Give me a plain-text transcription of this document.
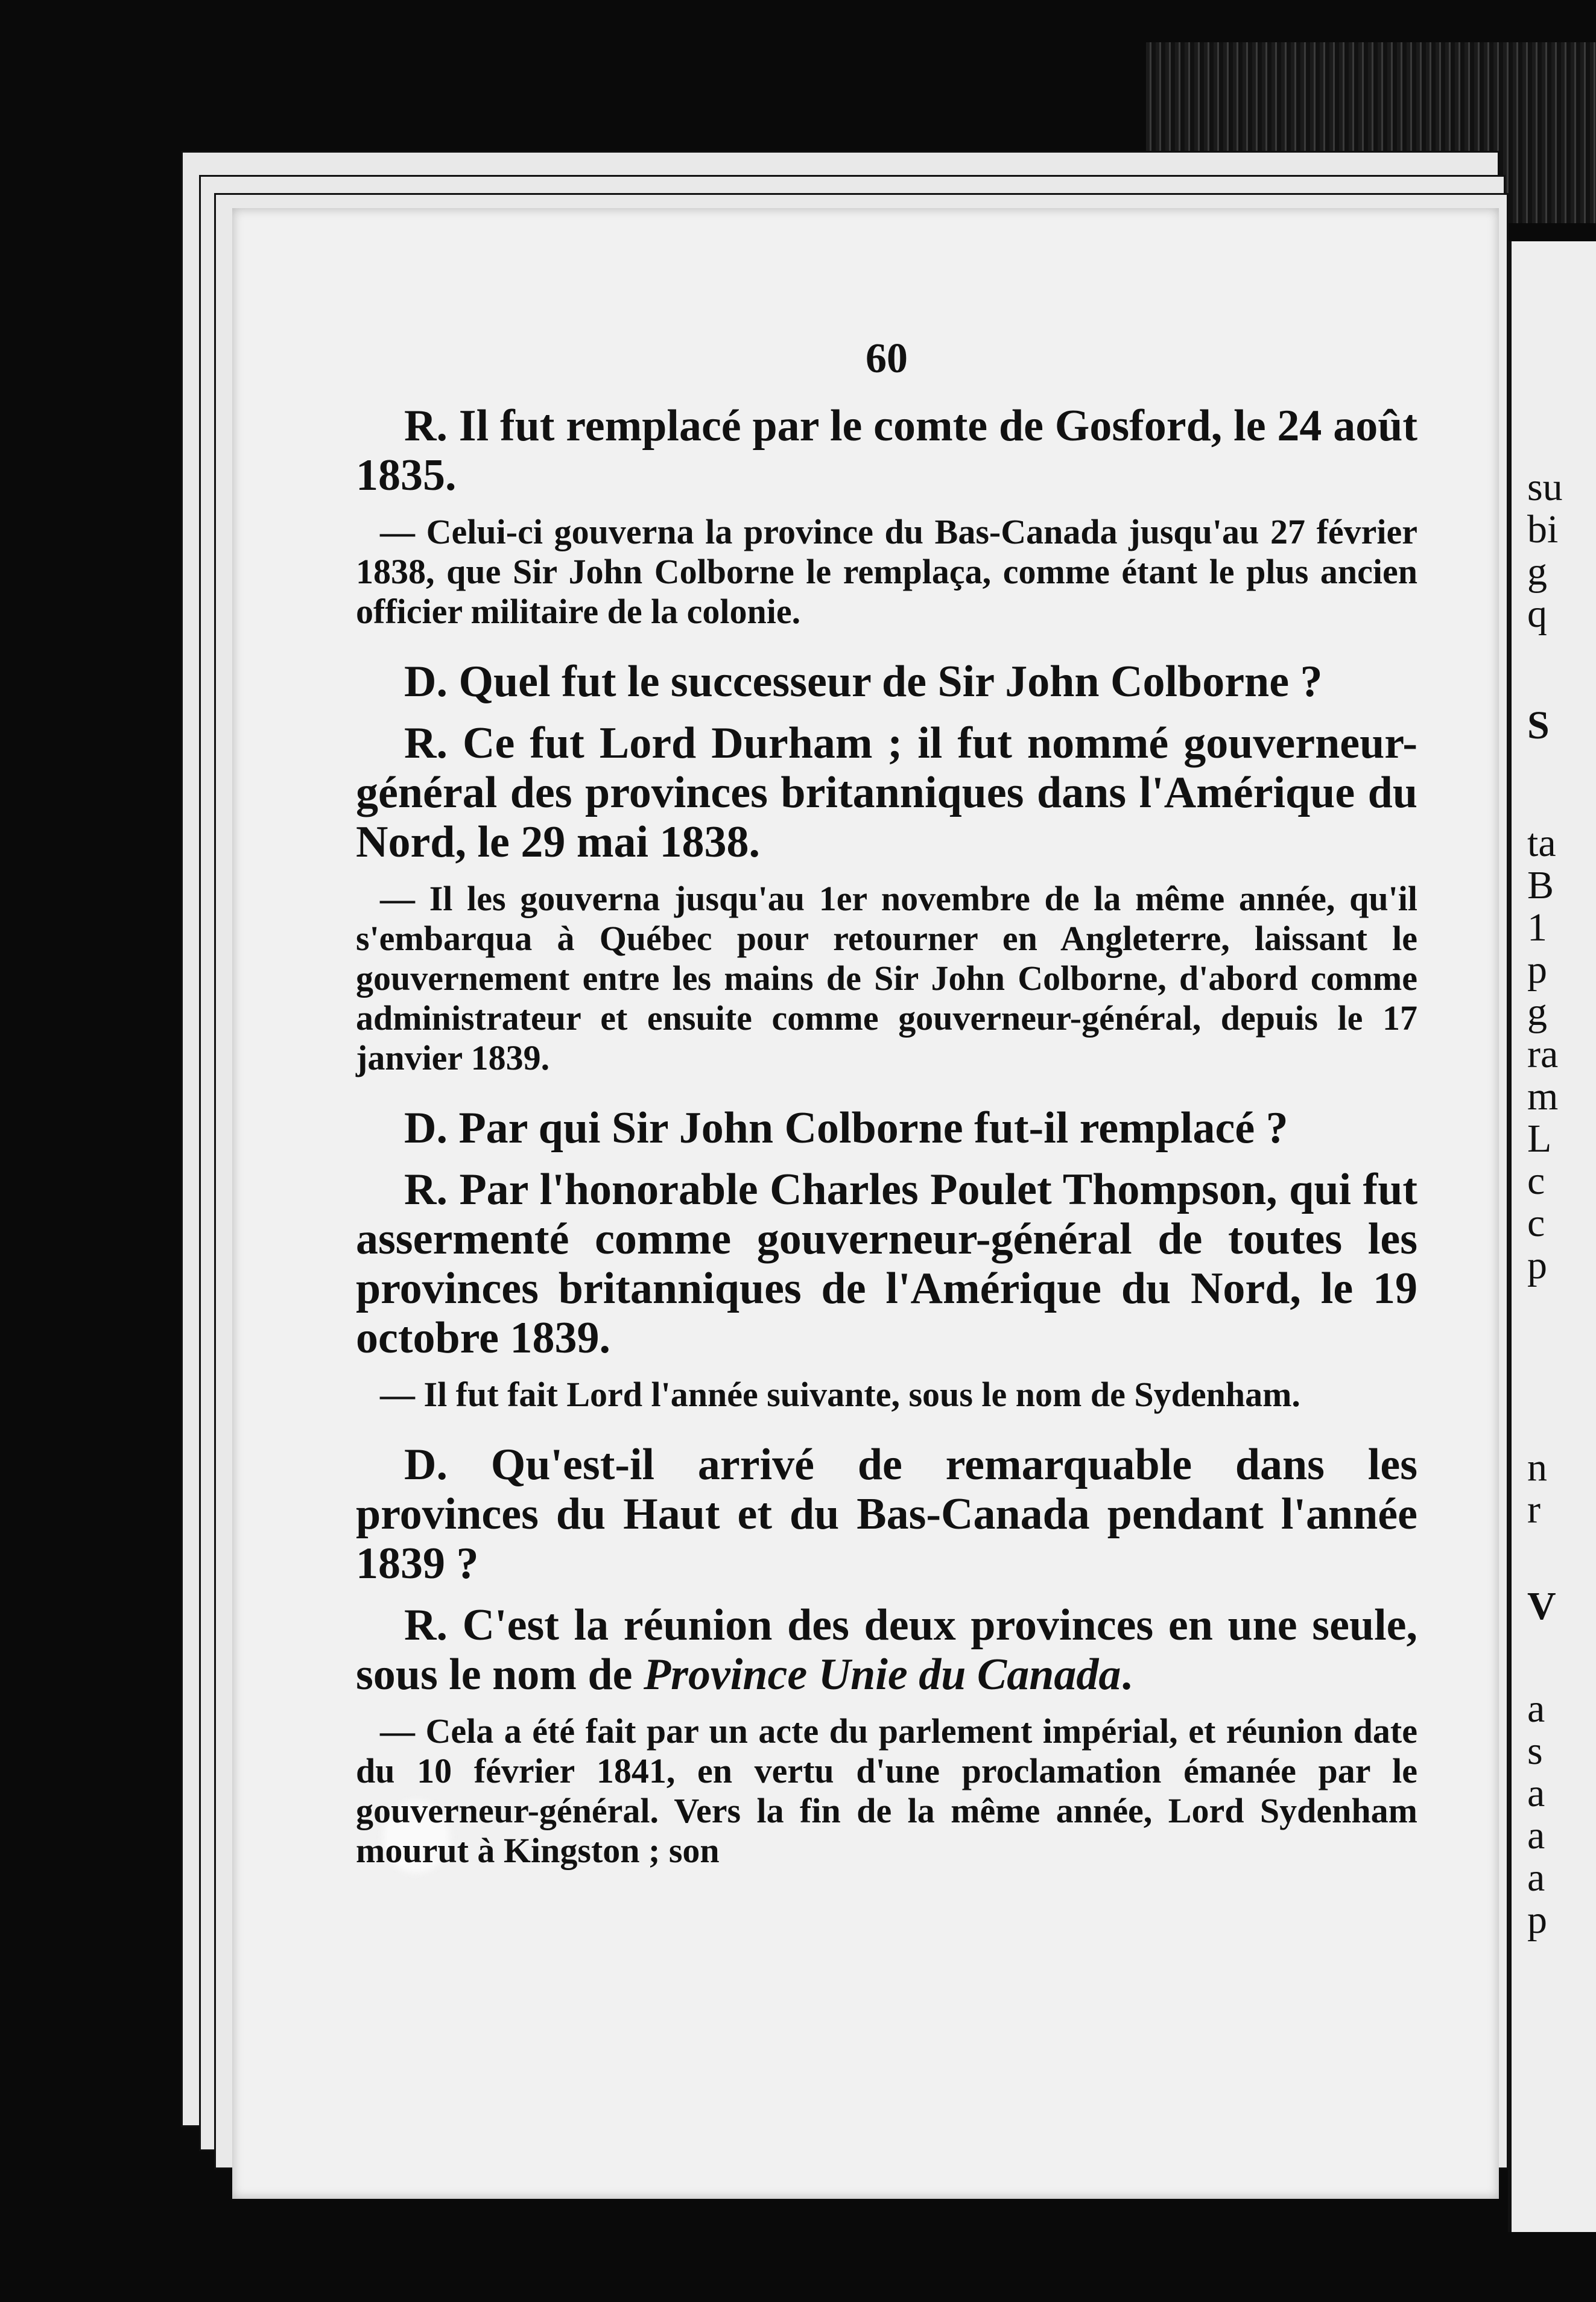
su
bi
g
q
S
ta
B
1
p
g
ra
m
L
c
c
p
n
r
V
a
s
a
a
a
p
60

R. Il fut remplacé par le comte de Gosford, le 24 août 1835.

— Celui-ci gouverna la province du Bas-Canada jusqu'au 27 février 1838, que Sir John Colborne le remplaça, comme étant le plus ancien officier militaire de la colonie.

D. Quel fut le successeur de Sir John Colborne ?

R. Ce fut Lord Durham ; il fut nommé gouverneur-général des provinces britanniques dans l'Amérique du Nord, le 29 mai 1838.

— Il les gouverna jusqu'au 1er novembre de la même année, qu'il s'embarqua à Québec pour retourner en Angleterre, laissant le gouvernement entre les mains de Sir John Colborne, d'abord comme administrateur et ensuite comme gouverneur-général, depuis le 17 janvier 1839.

D. Par qui Sir John Colborne fut-il remplacé ?

R. Par l'honorable Charles Poulet Thompson, qui fut assermenté comme gouverneur-général de toutes les provinces britanniques de l'Amérique du Nord, le 19 octobre 1839.

— Il fut fait Lord l'année suivante, sous le nom de Sydenham.

D. Qu'est-il arrivé de remarquable dans les provinces du Haut et du Bas-Canada pendant l'année 1839 ?

R. C'est la réunion des deux provinces en une seule, sous le nom de Province Unie du Canada.

— Cela a été fait par un acte du parlement impérial, et réunion date du 10 février 1841, en vertu d'une proclamation émanée par le gouverneur-général. Vers la fin de la même année, Lord Sydenham mourut à Kingston ; son
